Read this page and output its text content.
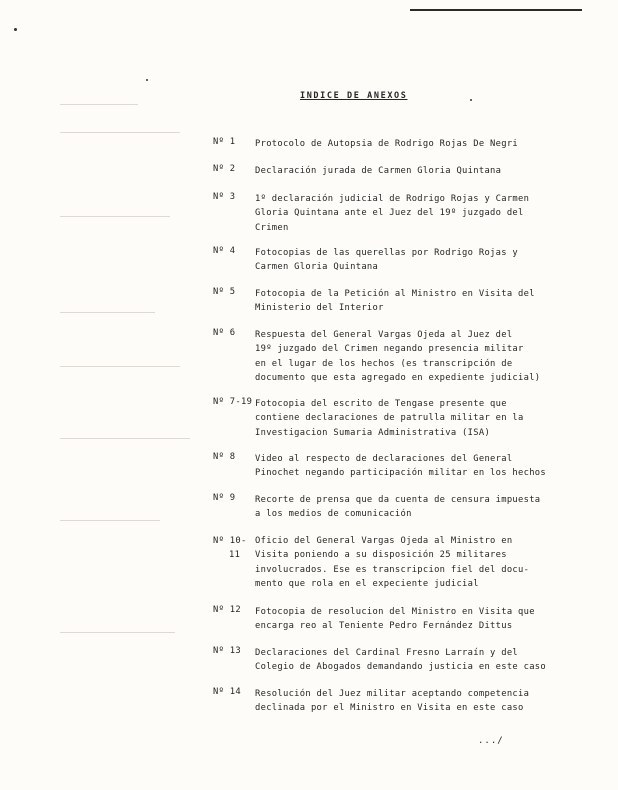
INDICE DE ANEXOS
Nº 1	Protocolo de Autopsia de Rodrigo Rojas De Negri
Nº 2	Declaración jurada de Carmen Gloria Quintana
Nº 3	1º declaración judicial de Rodrigo Rojas y Carmen
Gloria Quintana ante el Juez del 19º juzgado del
Crimen
Nº 4	Fotocopias de las querellas por Rodrigo Rojas y
Carmen Gloria Quintana
Nº 5	Fotocopia de la Petición al Ministro en Visita del
Ministerio del Interior
Nº 6	Respuesta del General Vargas Ojeda al Juez del
19º juzgado del Crimen negando presencia militar
en el lugar de los hechos (es transcripción de
documento que esta agregado en expediente judicial)
Nº 7-19 Fotocopia del escrito de Tengase presente que
contiene declaraciones de patrulla militar en la
Investigacion Sumaria Administrativa (ISA)
Nº 8	Video al respecto de declaraciones del General
Pinochet negando participación militar en los hechos
Nº 9	Recorte de prensa que da cuenta de censura impuesta
a los medios de comunicación
Nº 10-
11
Oficio del General Vargas Ojeda al Ministro en
Visita poniendo a su disposición 25 militares
involucrados. Ese es transcripcion fiel del docu-
mento que rola en el expeciente judicial
Nº 12	Fotocopia de resolucion del Ministro en Visita que
encarga reo al Teniente Pedro Fernández Dittus
Nº 13	Declaraciones del Cardinal Fresno Larraín y del
Colegio de Abogados demandando justicia en este caso
Nº 14	Resolución del Juez militar aceptando competencia
declinada por el Ministro en Visita en este caso
.../
